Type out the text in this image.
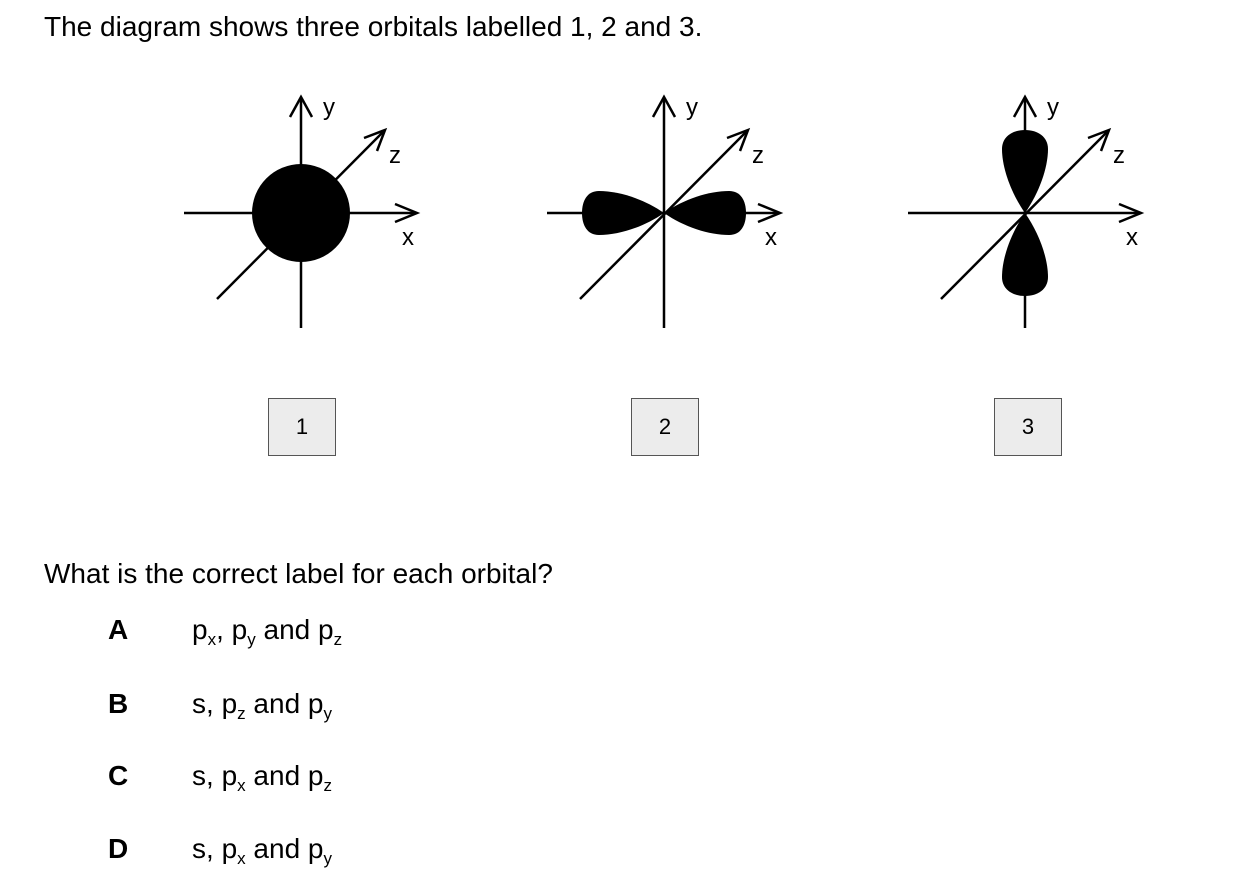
The diagram shows three orbitals labelled 1, 2 and 3.

y
z
x
y
z
x
y
z
x
1	2	3

What is the correct label for each orbital?

A $p_x$, $p_y$ and $p_z$
B s, $p_z$ and $p_y$
C s, $p_x$ and $p_z$
D s, $p_x$ and $p_y$
